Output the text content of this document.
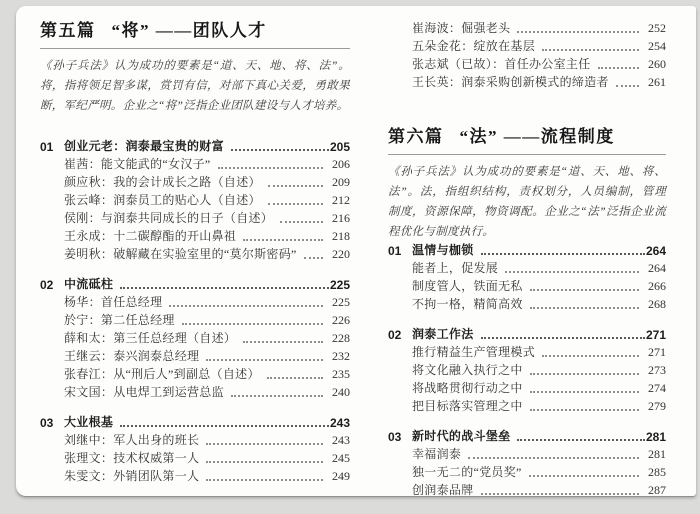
第五篇 “将” ——团队人才

《孙子兵法》认为成功的要素是“道、天、地、将、法”。将，指将领足智多谋，赏罚有信，对部下真心关爱，勇敢果断，军纪严明。企业之“将”泛指企业团队建设与人才培养。

01 创业元老：润泰最宝贵的财富	205
崔茜：能文能武的“女汉子”	206
颜应秋：我的会计成长之路（自述）	209
张云峰：润泰员工的贴心人（自述）	212
侯刚：与润泰共同成长的日子（自述）	216
王永成：十二碳醇酯的开山鼻祖	218
姜明秋：破解藏在实验室里的“莫尔斯密码”	220
02 中流砥柱	225
杨华：首任总经理	225
於宁：第二任总经理	226
薛和太：第三任总经理（自述）	228
王继云：泰兴润泰总经理	232
张春江：从“刑后人”到副总（自述）	235
宋文国：从电焊工到运营总监	240
03 大业根基	243
刘继中：军人出身的班长	243
张理文：技术权威第一人	245
朱雯文：外销团队第一人	249
崔海波：倔强老头	252
五朵金花：绽放在基层	254
张志斌（已故）：首任办公室主任	260
王长英：润泰采购创新模式的缔造者	261
第六篇 “法” ——流程制度

《孙子兵法》认为成功的要素是“道、天、地、将、法”。法，指组织结构，责权划分，人员编制，管理制度，资源保障，物资调配。企业之“法”泛指企业流程优化与制度执行。

01 温情与枷锁	264
能者上，促发展	264
制度管人，铁面无私	266
不拘一格，精简高效	268
02 润泰工作法	271
推行精益生产管理模式	271
将文化融入执行之中	273
将战略贯彻行动之中	274
把目标落实管理之中	279
03 新时代的战斗堡垒	281
幸福润泰	281
独一无二的“党员奖”	285
创润泰品牌	287
